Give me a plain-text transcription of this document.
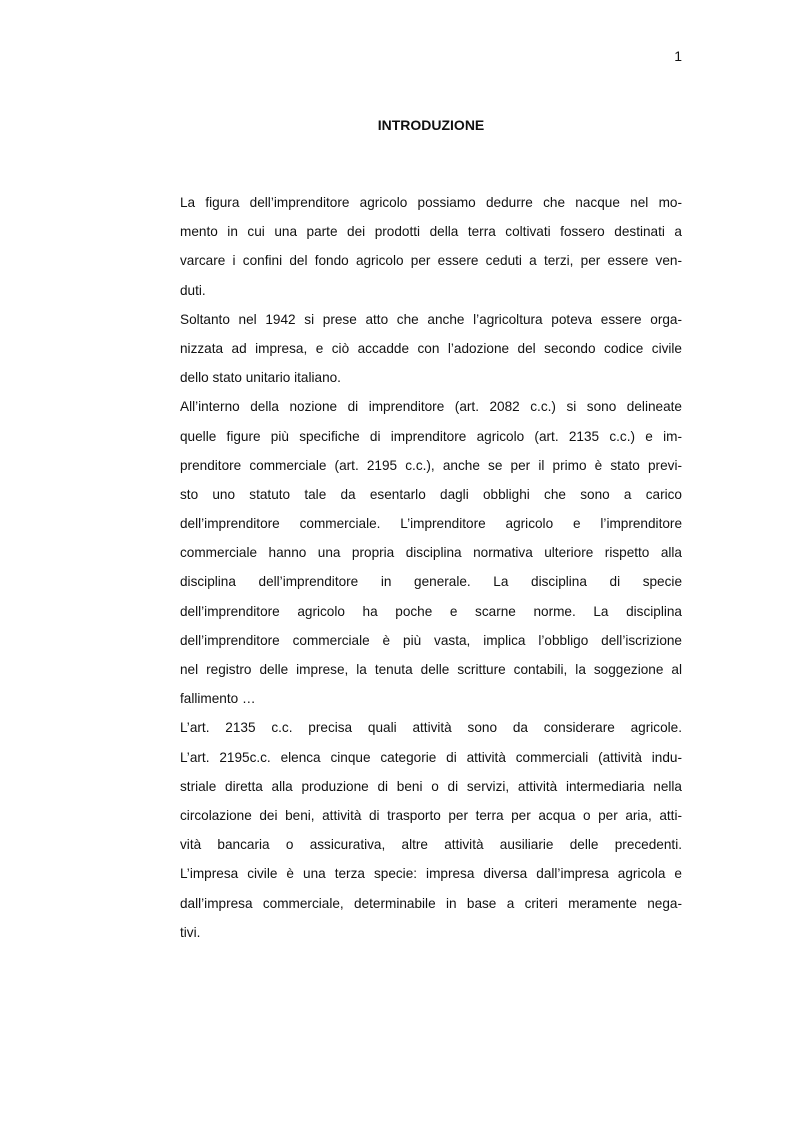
1
INTRODUZIONE
La figura dell’imprenditore agricolo possiamo dedurre che nacque nel mo-
mento in cui una parte dei prodotti della terra coltivati fossero destinati a
varcare i confini del fondo agricolo per essere ceduti a terzi, per essere ven-
duti.
Soltanto nel 1942 si prese atto che anche l’agricoltura poteva essere orga-
nizzata ad impresa, e ciò accadde con l’adozione del secondo codice civile
dello stato unitario italiano.
All’interno della nozione di imprenditore (art. 2082 c.c.) si sono delineate
quelle figure più specifiche di imprenditore agricolo (art. 2135 c.c.) e im-
prenditore commerciale (art. 2195 c.c.), anche se per il primo è stato previ-
sto uno statuto tale da esentarlo dagli obblighi che sono a carico
dell’imprenditore commerciale. L’imprenditore agricolo e l’imprenditore
commerciale hanno una propria disciplina normativa ulteriore rispetto alla
disciplina dell’imprenditore in generale. La disciplina di specie
dell’imprenditore agricolo ha poche e scarne norme. La disciplina
dell’imprenditore commerciale è più vasta, implica l’obbligo dell’iscrizione
nel registro delle imprese, la tenuta delle scritture contabili, la soggezione al
fallimento …
L’art. 2135 c.c. precisa quali attività sono da considerare agricole.
L’art. 2195c.c. elenca cinque categorie di attività commerciali (attività indu-
striale diretta alla produzione di beni o di servizi, attività intermediaria nella
circolazione dei beni, attività di trasporto per terra per acqua o per aria, atti-
vità bancaria o assicurativa, altre attività ausiliarie delle precedenti.
L’impresa civile è una terza specie: impresa diversa dall’impresa agricola e
dall’impresa commerciale, determinabile in base a criteri meramente nega-
tivi.
